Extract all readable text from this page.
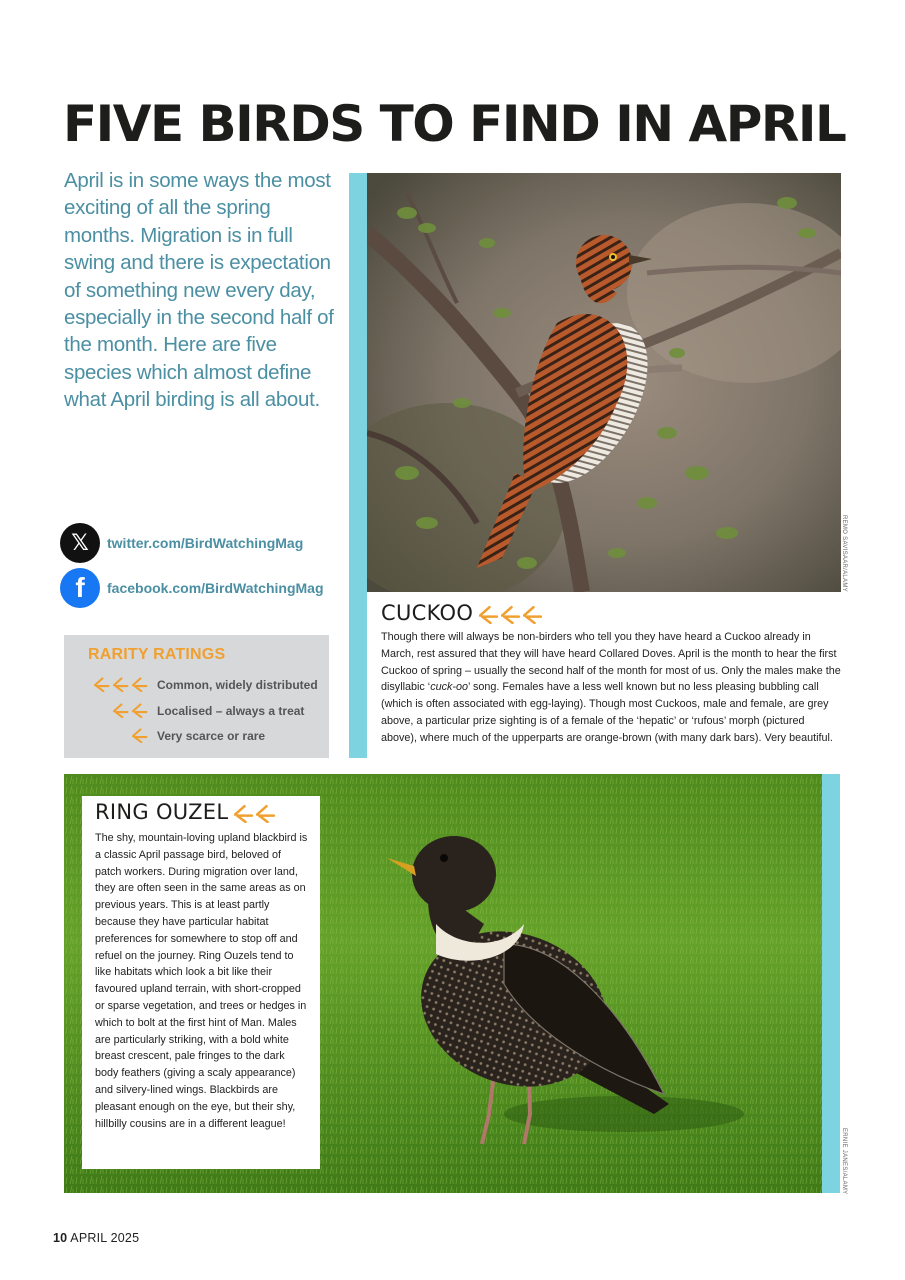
FIVE BIRDS TO FIND IN APRIL
April is in some ways the most exciting of all the spring months. Migration is in full swing and there is expectation of something new every day, especially in the second half of the month. Here are five species which almost define what April birding is all about.
𝕏	twitter.com/BirdWatchingMag
f	facebook.com/BirdWatchingMag
RARITY RATINGS
Common, widely distributed
Localised – always a treat
Very scarce or rare
REMO SAVISAAR/ALAMY
CUCKOO
Though there will always be non-birders who tell you they have heard a Cuckoo already in March, rest assured that they will have heard Collared Doves. April is the month to hear the first Cuckoo of spring – usually the second half of the month for most of us. Only the males make the disyllabic ‘cuck-oo’ song. Females have a less well known but no less pleasing bubbling call (which is often associated with egg-laying). Though most Cuckoos, male and female, are grey above, a particular prize sighting is of a female of the ‘hepatic’ or ‘rufous’ morph (pictured above), where much of the upperparts are orange-brown (with many dark bars). Very beautiful.
ERNIE JANES/ALAMY
RING OUZEL
The shy, mountain-loving upland blackbird is a classic April passage bird, beloved of patch workers. During migration over land, they are often seen in the same areas as on previous years. This is at least partly because they have particular habitat preferences for somewhere to stop off and refuel on the journey. Ring Ouzels tend to like habitats which look a bit like their favoured upland terrain, with short-cropped or sparse vegetation, and trees or hedges in which to bolt at the first hint of Man. Males are particularly striking, with a bold white breast crescent, pale fringes to the dark body feathers (giving a scaly appearance) and silvery-lined wings. Blackbirds are pleasant enough on the eye, but their shy, hillbilly cousins are in a different league!
10 APRIL 2025
